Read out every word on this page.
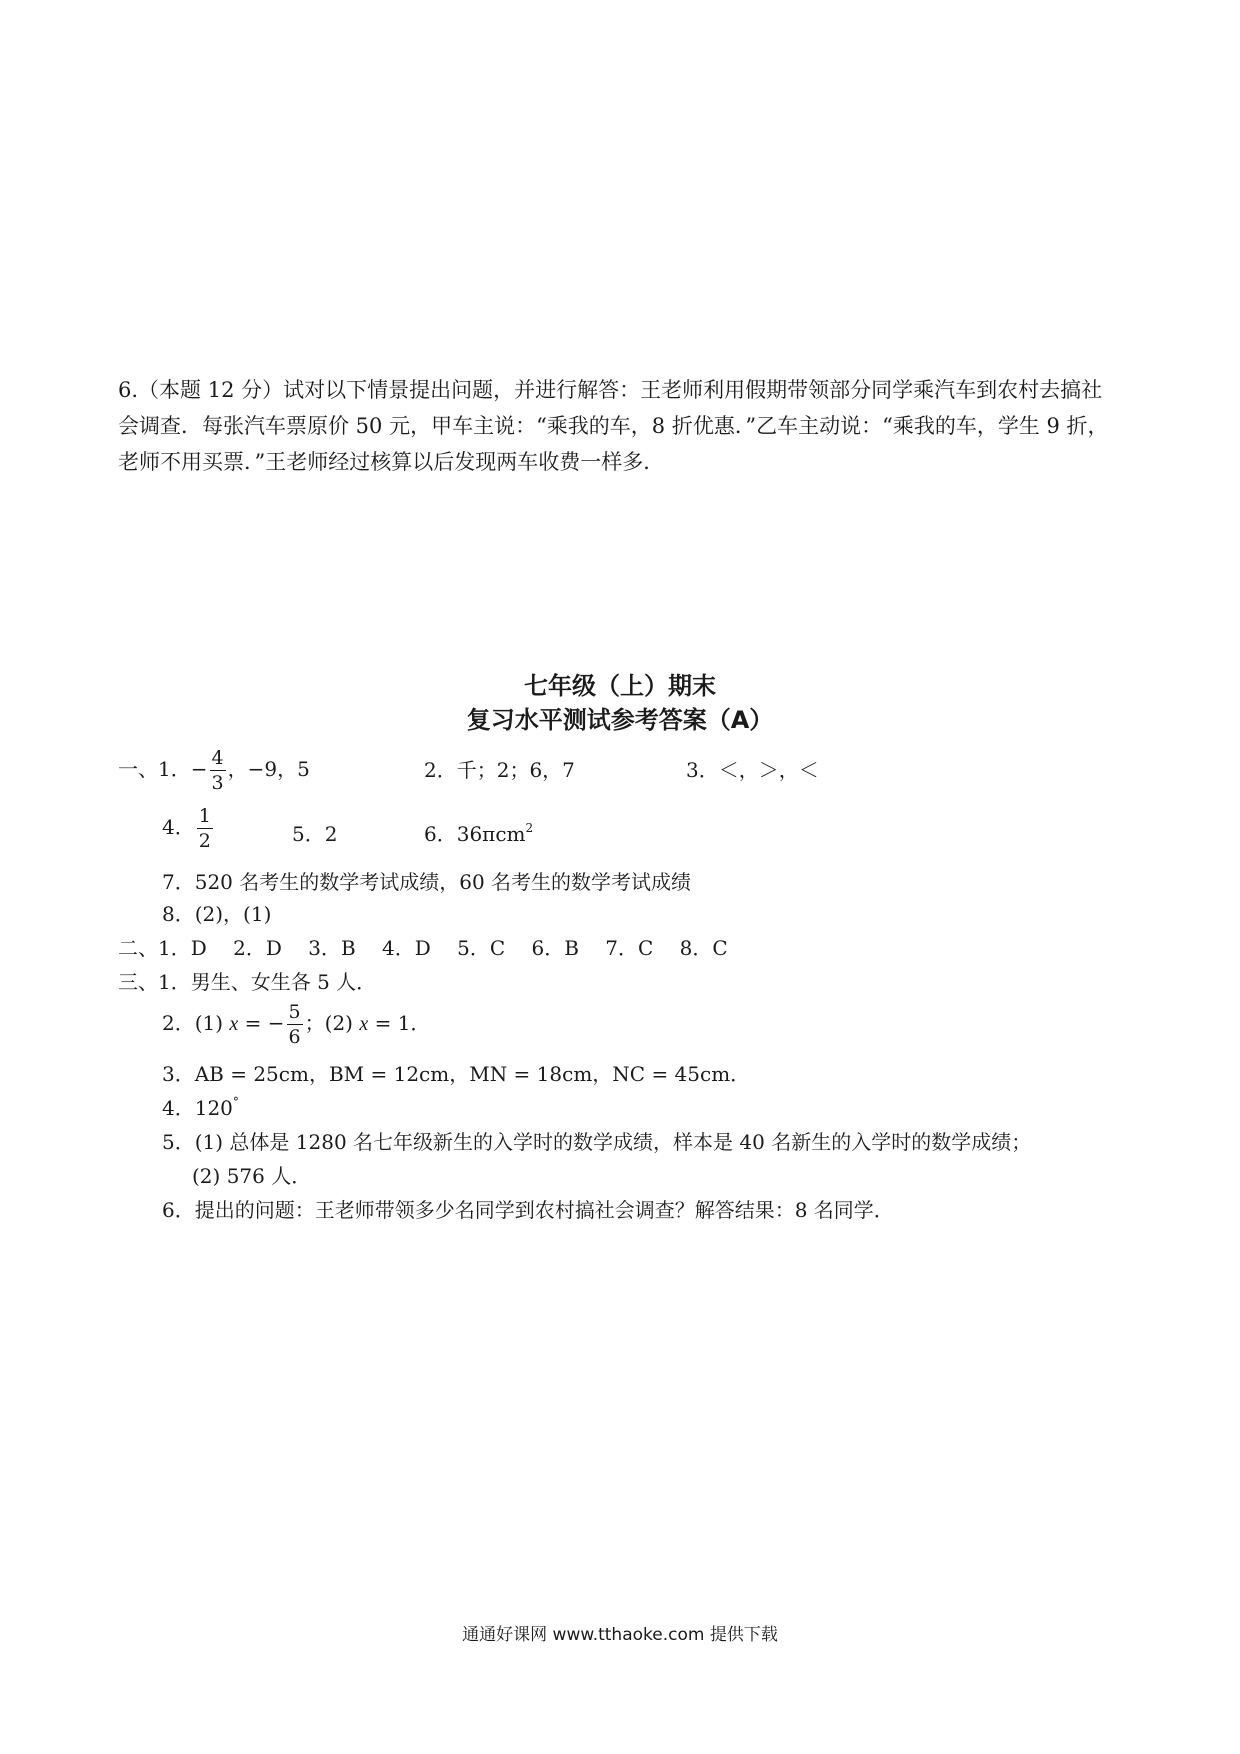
6.（本题 12 分）试对以下情景提出问题，并进行解答：王老师利用假期带领部分同学乘汽车到农村去搞社
会调查．每张汽车票原价 50 元，甲车主说：“乘我的车，8 折优惠．”乙车主动说：“乘我的车，学生 9 折，
老师不用买票．”王老师经过核算以后发现两车收费一样多．
七年级（上）期末
复习水平测试参考答案（A）
一、1．− $\frac{4}{3}$ ，−9，5	2．千；2；6，7	3．＜，＞，＜
4． $\frac{1}{2}$	5．2	6．36πcm$^2$
7．520 名考生的数学考试成绩，60 名考生的数学考试成绩
8．(2)，(1)
二、1．D　 2．D　 3．B　 4．D　 5．C　 6．B　 7．C　 8．C
三、1．男生、女生各 5 人．
2．(1) x = − $\frac{5}{6}$ ；(2) x = 1．
3．AB = 25cm，BM = 12cm，MN = 18cm，NC = 45cm．
4．120°
5．(1) 总体是 1280 名七年级新生的入学时的数学成绩，样本是 40 名新生的入学时的数学成绩；
(2) 576 人．
6．提出的问题：王老师带领多少名同学到农村搞社会调查？解答结果：8 名同学．
通通好课网 www.tthaoke.com 提供下载
